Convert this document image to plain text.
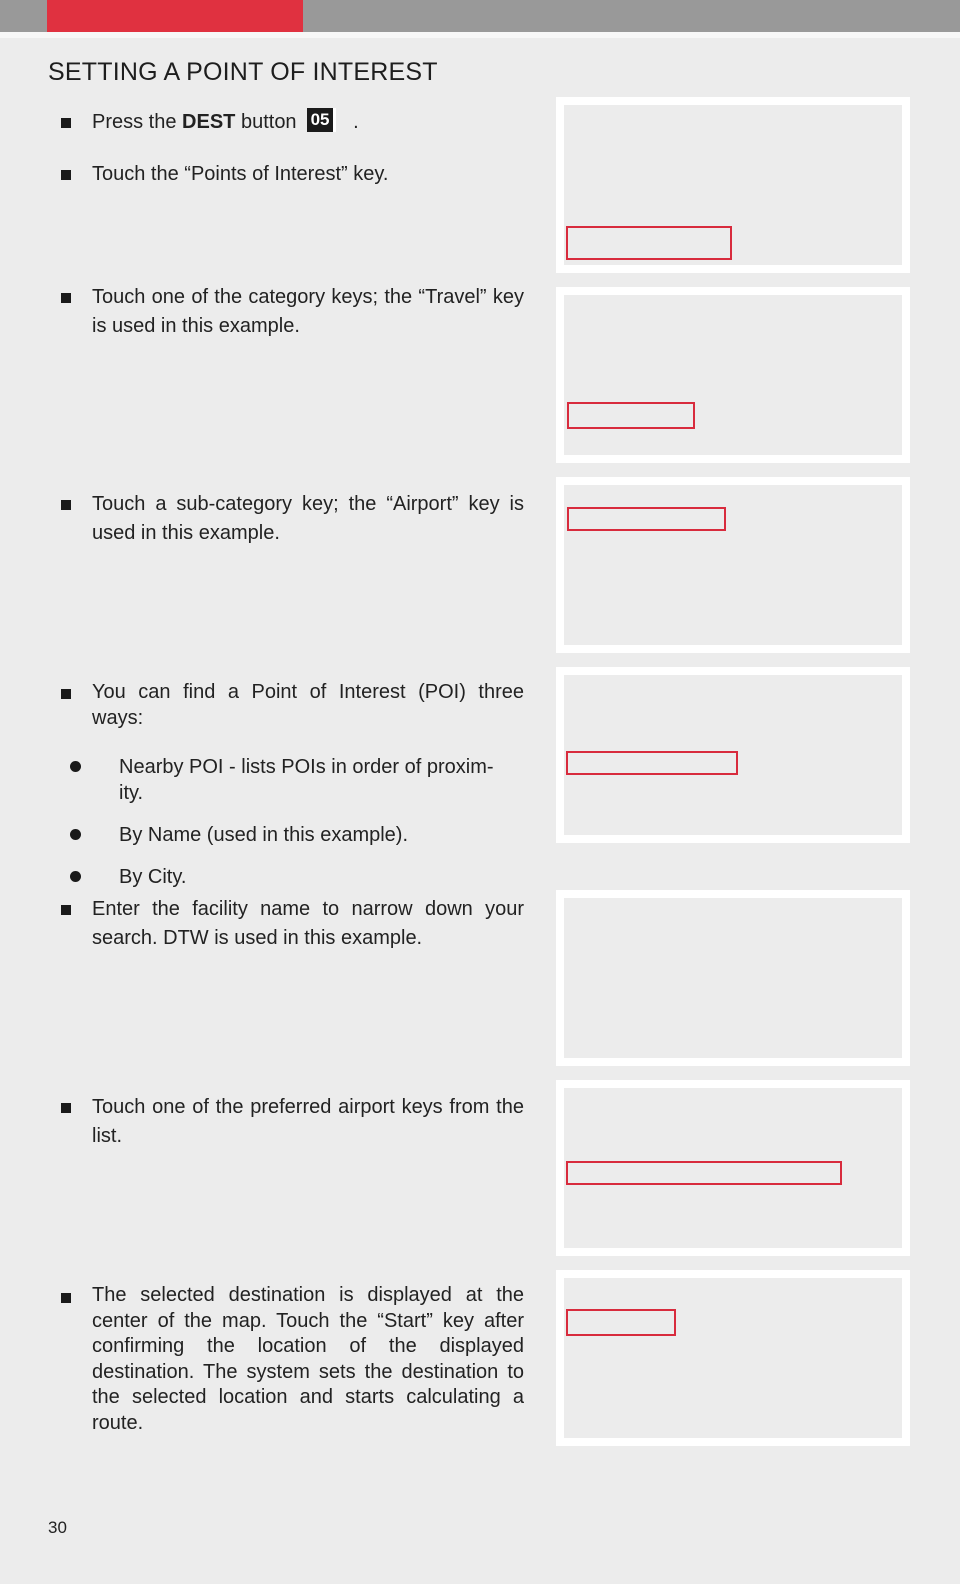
SETTING A POINT OF INTEREST
Press the DEST button 05 .
Touch the “Points of Interest” key.
Touch one of the category keys; the “Travel” key is used in this example.
Touch a sub-category key; the “Airport” key is used in this example.
You can find a Point of Interest (POI) three ways:
Nearby POI - lists POIs in order of proxim-
ity.
By Name (used in this example).
By City.
Enter the facility name to narrow down your search. DTW is used in this example.
Touch one of the preferred airport keys from the list.
The selected destination is displayed at the center of the map. Touch the “Start” key after confirming the location of the displayed destination. The system sets the destination to the selected location and starts calculating a route.
30
